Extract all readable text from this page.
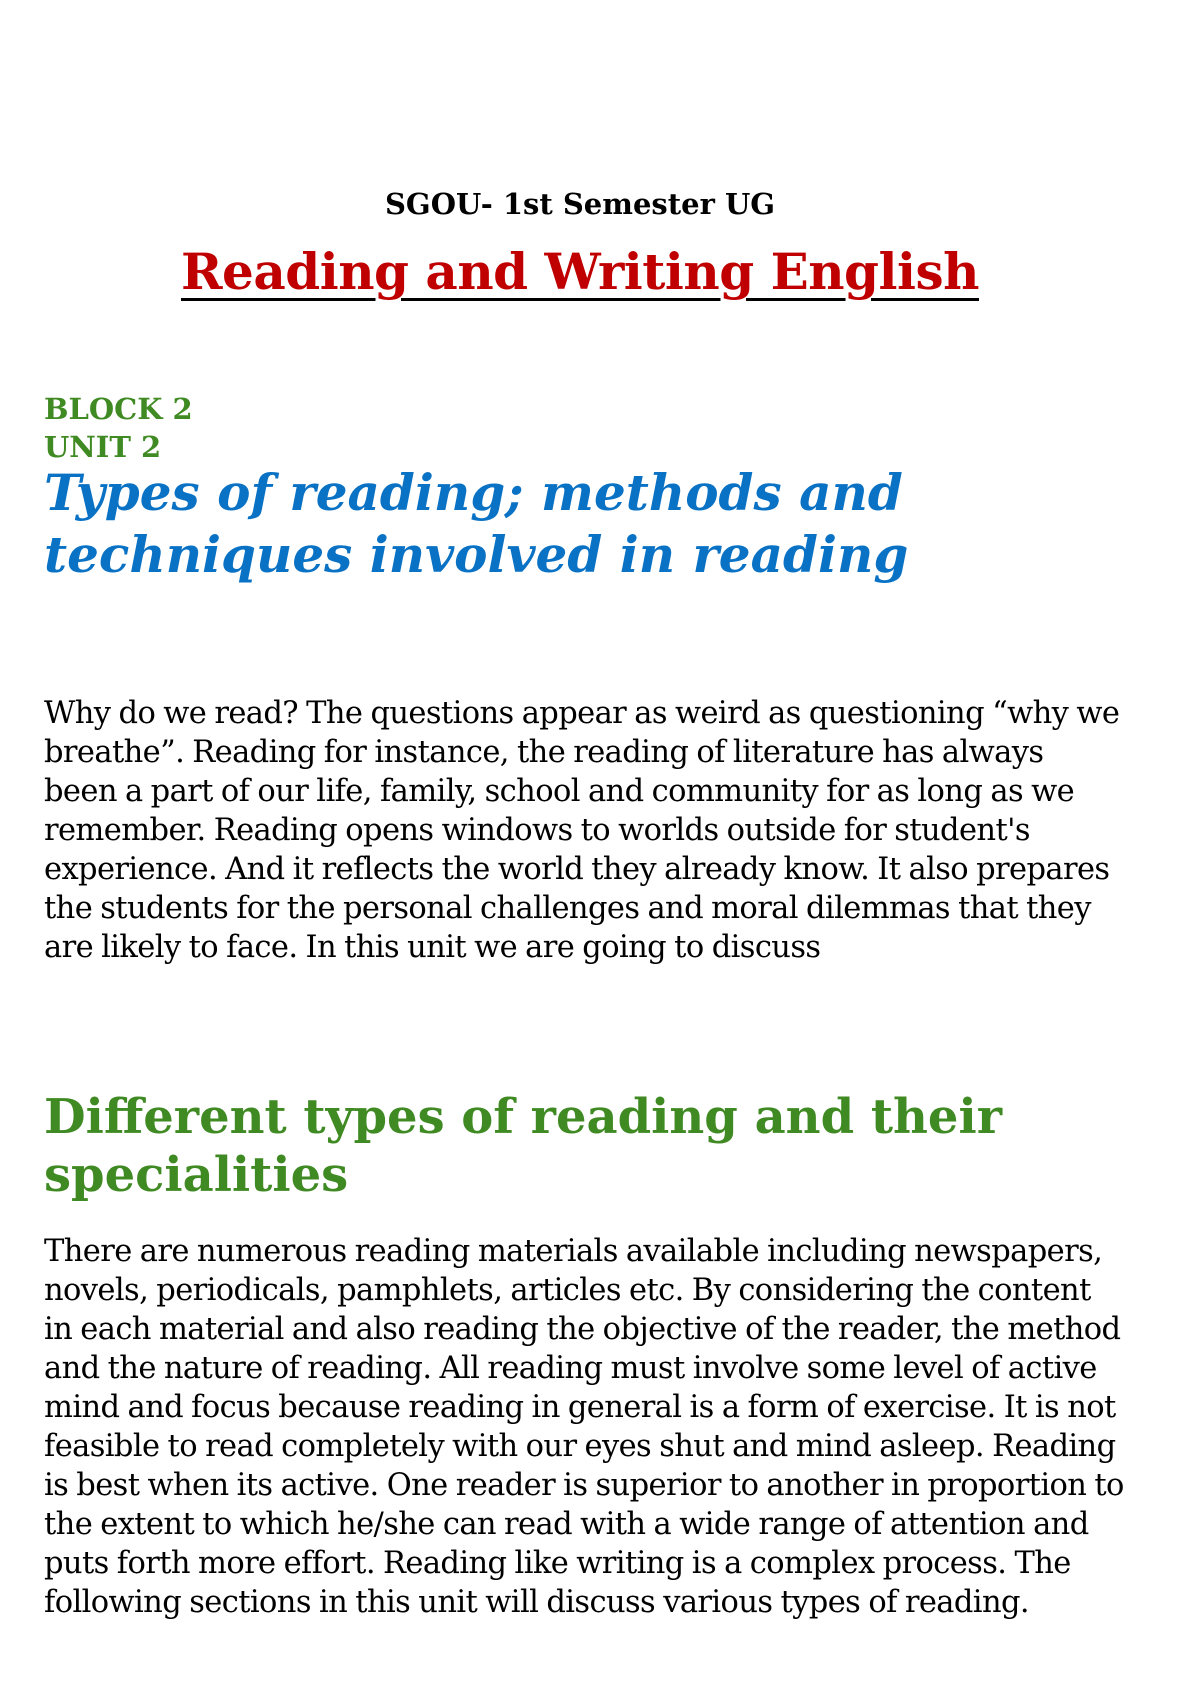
SGOU- 1st Semester UG
Reading and Writing English
BLOCK 2
UNIT 2
Types of reading; methods and techniques involved in reading
Why do we read? The questions appear as weird as questioning “why we breathe”. Reading for instance, the reading of literature has always been a part of our life, family, school and community for as long as we remember. Reading opens windows to worlds outside for student's experience. And it reflects the world they already know. It also prepares the students for the personal challenges and moral dilemmas that they are likely to face. In this unit we are going to discuss
Different types of reading and their specialities
There are numerous reading materials available including newspapers, novels, periodicals, pamphlets, articles etc. By considering the content in each material and also reading the objective of the reader, the method and the nature of reading. All reading must involve some level of active mind and focus because reading in general is a form of exercise. It is not feasible to read completely with our eyes shut and mind asleep. Reading is best when its active. One reader is superior to another in proportion to the extent to which he/she can read with a wide range of attention and puts forth more effort. Reading like writing is a complex process. The following sections in this unit will discuss various types of reading.
